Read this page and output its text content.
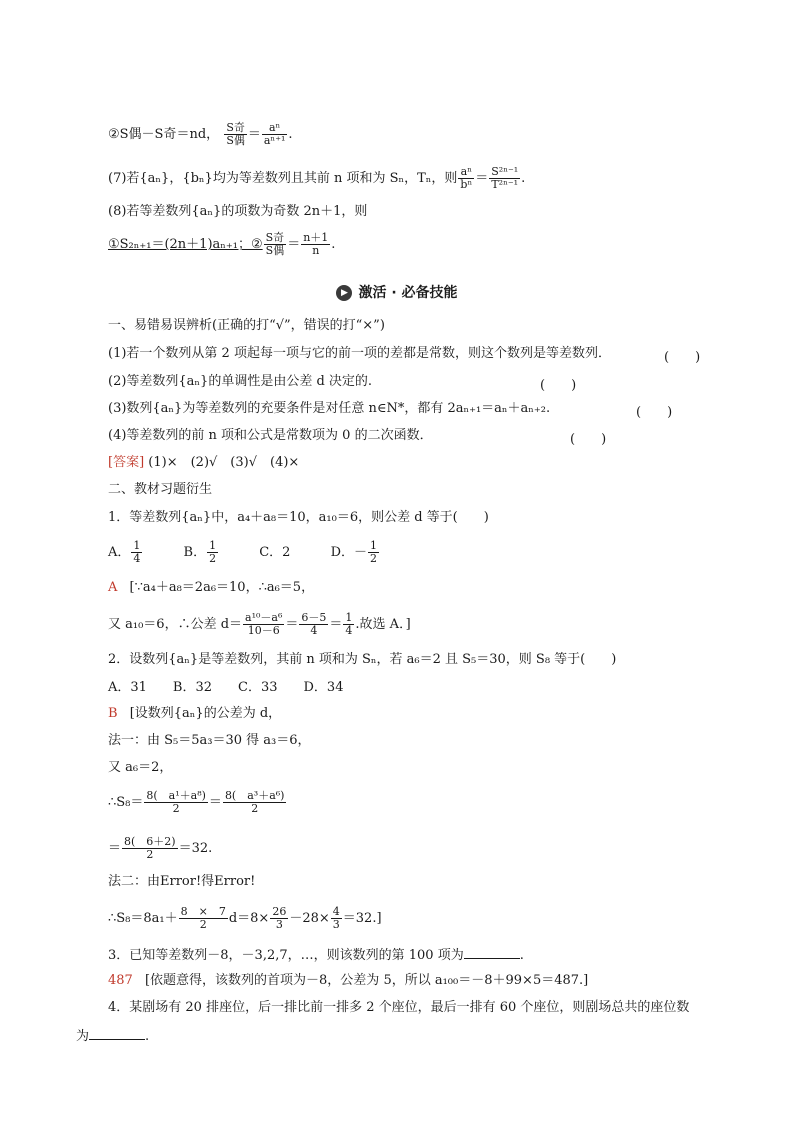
②S偶－S奇＝nd， $\frac{\text{S奇}}{\text{S偶}} = \frac{\text{aⁿ}}{\text{aⁿ⁺¹}}$ .
(7)若{aₙ}，{bₙ}均为等差数列且其前 n 项和为 Sₙ，Tₙ，则 $\frac{\text{aⁿ}}{\text{bⁿ}} = \frac{\text{S²ⁿ⁻¹}}{\text{T²ⁿ⁻¹}}$ .
(8)若等差数列{aₙ}的项数为奇数 2n＋1，则
①S₂ₙ₊₁＝(2n＋1)aₙ₊₁；② $\frac{\text{S奇}}{\text{S偶}} = \frac{n+1}{n}$ .
▶ 激活 · 必备技能
一、易错易误辨析(正确的打“√”，错误的打“×”)
(1)若一个数列从第 2 项起每一项与它的前一项的差都是常数，则这个数列是等差数列．	(　　)
(2)等差数列{aₙ}的单调性是由公差 d 决定的.	(　　)
(3)数列{aₙ}为等差数列的充要条件是对任意 n∈N*，都有 2aₙ₊₁＝aₙ＋aₙ₊₂.	(　　)
(4)等差数列的前 n 项和公式是常数项为 0 的二次函数．	(　　)
[答案] (1)×　(2)√　(3)√　(4)×
二、教材习题衍生
1．等差数列{aₙ}中，a₄＋a₈＝10，a₁₀＝6，则公差 d 等于(　　)
A． $\frac{1}{4}$	B． $\frac{1}{2}$	C．2	D．－ $\frac{1}{2}$
A [∵a₄＋a₈＝2a₆＝10，∴a₆＝5，
又 a₁₀＝6，∴公差 $d= \frac{\text{a¹⁰－a⁶}}{10-6} = \frac{6-5}{4} = \frac{1}{4}$ .故选 A．]
2．设数列{aₙ}是等差数列，其前 n 项和为 Sₙ，若 a₆＝2 且 S₅＝30，则 S₈ 等于(　　)
A．31　　B．32　　C．33　　D．34
B [设数列{aₙ}的公差为 d，
法一：由 S₅＝5a₃＝30 得 a₃＝6，
又 a₆＝2，
∴S₈＝ $\frac{\text{8(　a¹＋a⁸)}}{2} = \frac{\text{8(　a³＋a⁶)}}{2}$
＝ $\frac{8( 6+2)}{2} =32$.
法二：由Error!得Error!
∴S₈＝8a₁＋ $\frac{8 \times 7}{2} d=8\times \frac{26}{3} -28\times \frac{4}{3} =32$.]
3．已知等差数列－8，－3,2,7，…，则该数列的第 100 项为	.
487 [依题意得，该数列的首项为－8，公差为 5，所以 a₁₀₀＝－8＋99×5＝487.]
4．某剧场有 20 排座位，后一排比前一排多 2 个座位，最后一排有 60 个座位，则剧场总共的座位数
为	.
